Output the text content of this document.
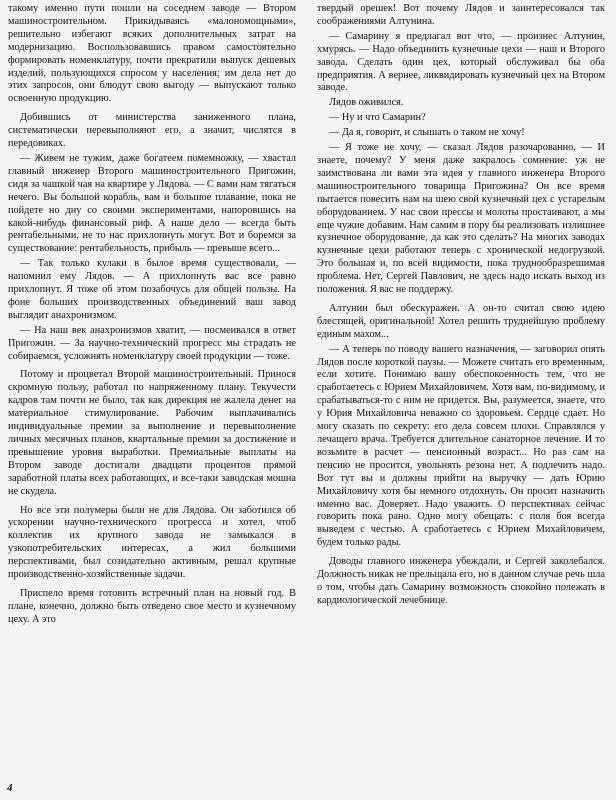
такому именно пути пошли на соседнем заводе — Втором машиностроительном. Прикидываясь «малономощными», решительно избегают всяких дополнительных затрат на модернизацию. Воспользовавшись правом самостоятельно формировать номенклатуру, почти прекратили выпуск дешевых изделий, пользующихся спросом у населения; им дела нет до этих запросов, они блюдут свою выгоду — выпускают только освоенную продукцию.

Добившись от министерства заниженного плана, систематически перевыполняют его, а значит, числятся в передовиках.

— Живем не тужим, даже богатеем помемножку, — хвастал главный инженер Второго машиностроительного Пригожин, сидя за чашкой чая на квартире у Лядова. — С вами нам тягаться нечего. Вы большой корабль, вам и большое плавание, пока не пойдете но дну со своими экспериментами, напоровшись на какой-нибудь финансовый риф. А наше дело — всегда быть рентабельными, не то нас прихлопнуть могут. Вот и боремся за существование: рентабельность, прибыль — превыше всего...

— Так только кулаки в былое время существовали, — напомнил ему Лядов. — А прихлопнуть вас все равно прихлопнут. Я тоже об этом позабочусь для общей пользы. На фоне больших производственных объединений ваш завод выглядит анахронизмом.

— На наш век анахронизмов хватит, — посмеивался в ответ Пригожин. — За научно-технический прогресс мы страдать не собираемся, усложнять номенклатуру своей продукции — тоже.

Потому и процветал Второй машиностроительный. Принося скромную пользу, работал по напряженному плану. Текучести кадров там почти не было, так как дирекция не жалела денег на материальное стимулирование. Рабочим выплачивались индивидуальные премии за выполнение и перевыполнение личных месячных планов, квартальные премии за достижение и превышение уровня выработки. Премиальные выплаты на Втором заводе достигали двадцати процентов прямой заработной платы всех работающих, и все-таки заводская мошна не скудела.

Но все эти полумеры были не для Лядова. Он заботился об ускорении научно-технического прогресса и хотел, чтоб коллектив их крупного завода не замыкался в узкопотребительских интересах, а жил большими перспективами, был созидательно активным, решал крупные производственно-хозяйственные задачи.

Приспело время готовить встречный план на новый год. В плане, конечно, должно быть отведено свое место и кузнечному цеху. А это

твердый орешек! Вот почему Лядов и заинтересовался так соображениями Алтунина.

— Самарину я предлагал вот что, — произнес Алтунин, хмурясь. — Надо объединить кузнечные цехи — наш и Второго завода. Сделать один цех, который обслуживал бы оба предприятия. А вернее, ликвидировать кузнечный цех на Втором заводе.

Лядов оживился.

— Ну и что Самарин?

— Да я, говорит, и слышать о таком не хочу!

— Я тоже не хочу, — сказал Лядов разочарованно. — И знаете, почему? У меня даже закралось сомнение: уж не заимствована ли вами эта идея у главного инженера Второго машиностроительного товарища Пригожина? Он все время пытается повесить нам на шею свой кузнечный цех с устарелым оборудованием. У нас свои прессы и молоты простаивают, а мы еще чужие добавим. Нам самим в пору бы реализовать излишнее кузнечное оборудование, да как это сделать? На многих заводах кузнечные цехи работают теперь с хронической недогрузкой. Это большая и, по всей видимости, пока труднообразрешимая проблема. Нет, Сергей Павлович, не здесь надо искать выход из положения. Я вас не поддержу.

Алтунин был обескуражен. А он-то считал свою идею блестящей, оригинальной! Хотел решить труднейшую проблему единым махом...

— А теперь по поводу вашего назначения, — заговорил опять Лядов после короткой паузы. — Можете считать его временным, если хотите. Понимаю вашу обеспокоенность тем, что не сработаетесь с Юрием Михайловичем. Хотя вам, по-видимому, и срабатываться-то с ним не придется. Вы, разумеется, знаете, что у Юрия Михайловича неважно со здоровьем. Сердце сдает. Но могу сказать по секрету: его дела совсем плохи. Справлялся у лечащего врача. Требуется длительное санаторное лечение. И то возьмите в расчет — пенсионный возраст... Но раз сам на пенсию не просится, увольнять резона нет. А подлечить надо. Вот тут вы и должны прийти на выручку — дать Юрию Михайловичу хотя бы немного отдохнуть. Он просит назначить именно вас. Доверяет. Надо уважить. О перспективах сейчас говорить пока рано. Одно могу обещать: с поля боя всегда выведем с честью. А сработаетесь с Юрием Михайловичем, будем только рады.

Доводы главного инженера убеждали, и Сергей заколебался. Должность никак не прельщала его, но в данном случае речь шла о том, чтобы дать Самарину возможность спокойно полежать в кардиологической лечебнице.

4
